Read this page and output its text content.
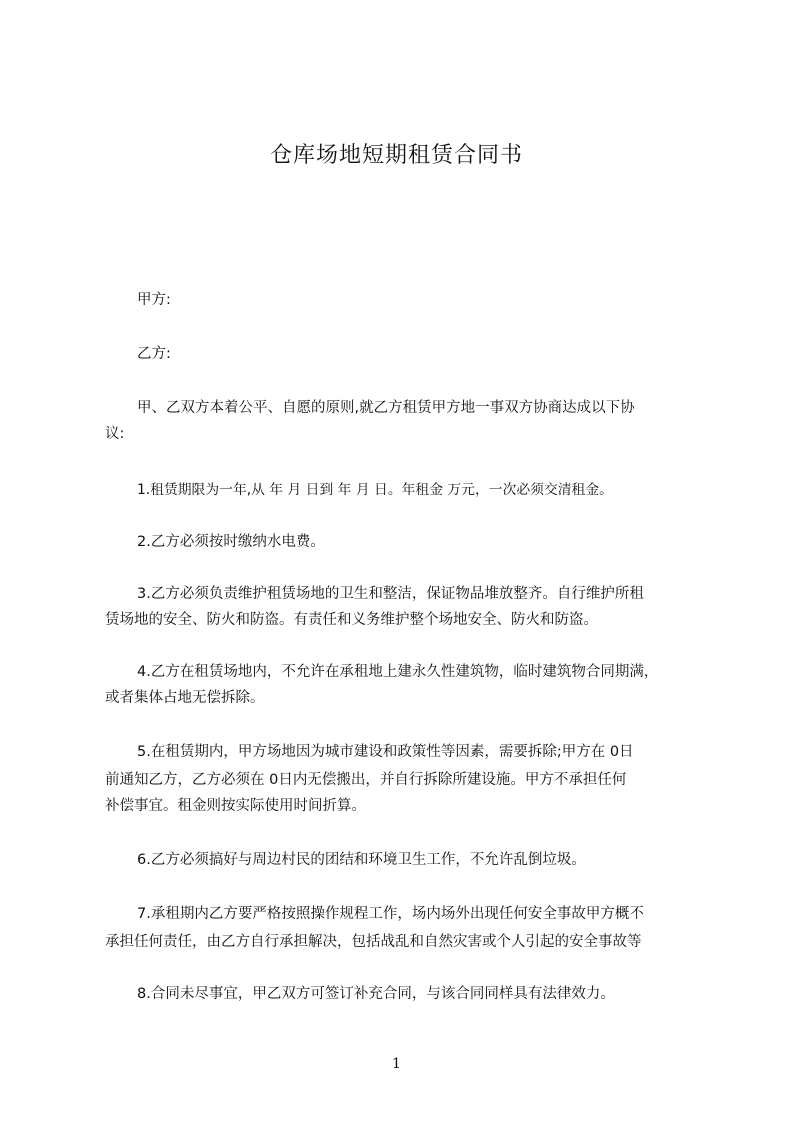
仓库场地短期租赁合同书
甲方:
乙方:
甲、乙双方本着公平、自愿的原则,就乙方租赁甲方地一事双方协商达成以下协
议:
1.租赁期限为一年,从 年 月 日到 年 月 日。年租金 万元，一次必须交清租金。
2.乙方必须按时缴纳水电费。
3.乙方必须负责维护租赁场地的卫生和整洁，保证物品堆放整齐。自行维护所租
赁场地的安全、防火和防盗。有责任和义务维护整个场地安全、防火和防盗。
4.乙方在租赁场地内，不允许在承租地上建永久性建筑物，临时建筑物合同期满，
或者集体占地无偿拆除。
5.在租赁期内，甲方场地因为城市建设和政策性等因素，需要拆除;甲方在 0日
前通知乙方，乙方必须在 0日内无偿搬出，并自行拆除所建设施。甲方不承担任何
补偿事宜。租金则按实际使用时间折算。
6.乙方必须搞好与周边村民的团结和环境卫生工作，不允许乱倒垃圾。
7.承租期内乙方要严格按照操作规程工作，场内场外出现任何安全事故甲方概不
承担任何责任，由乙方自行承担解决，包括战乱和自然灾害或个人引起的安全事故等
8.合同未尽事宜，甲乙双方可签订补充合同，与该合同同样具有法律效力。
1
